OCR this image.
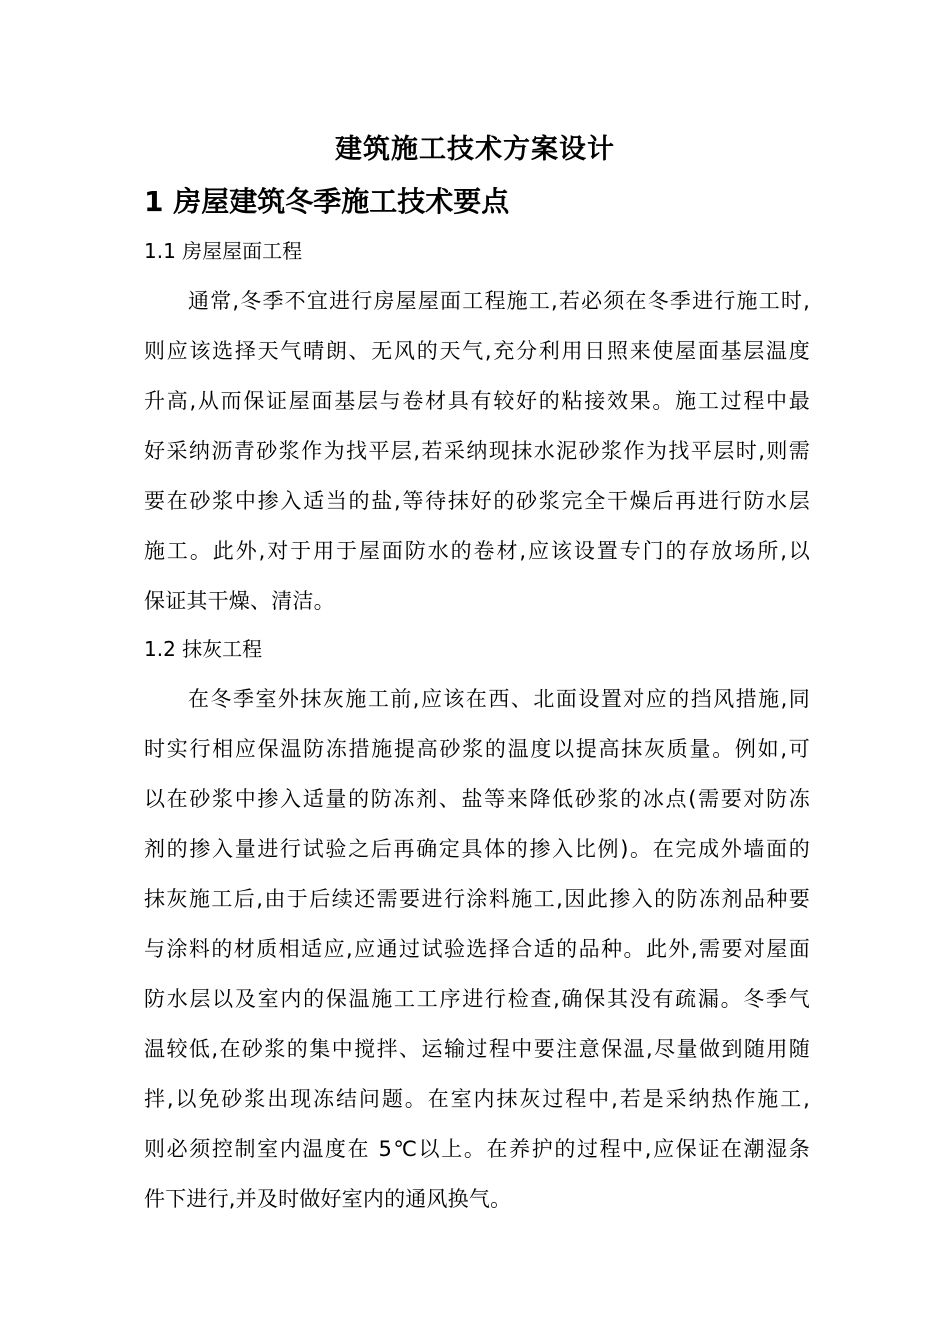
建筑施工技术方案设计
1 房屋建筑冬季施工技术要点
1.1 房屋屋面工程
通常,冬季不宜进行房屋屋面工程施工,若必须在冬季进行施工时,
则应该选择天气晴朗、无风的天气,充分利用日照来使屋面基层温度
升高,从而保证屋面基层与卷材具有较好的粘接效果。施工过程中最
好采纳沥青砂浆作为找平层,若采纳现抹水泥砂浆作为找平层时,则需
要在砂浆中掺入适当的盐,等待抹好的砂浆完全干燥后再进行防水层
施工。此外,对于用于屋面防水的卷材,应该设置专门的存放场所,以
保证其干燥、清洁。
1.2 抹灰工程
在冬季室外抹灰施工前,应该在西、北面设置对应的挡风措施,同
时实行相应保温防冻措施提高砂浆的温度以提高抹灰质量。例如,可
以在砂浆中掺入适量的防冻剂、盐等来降低砂浆的冰点(需要对防冻
剂的掺入量进行试验之后再确定具体的掺入比例)。在完成外墙面的
抹灰施工后,由于后续还需要进行涂料施工,因此掺入的防冻剂品种要
与涂料的材质相适应,应通过试验选择合适的品种。此外,需要对屋面
防水层以及室内的保温施工工序进行检查,确保其没有疏漏。冬季气
温较低,在砂浆的集中搅拌、运输过程中要注意保温,尽量做到随用随
拌,以免砂浆出现冻结问题。在室内抹灰过程中,若是采纳热作施工,
则必须控制室内温度在 5℃以上。在养护的过程中,应保证在潮湿条
件下进行,并及时做好室内的通风换气。
